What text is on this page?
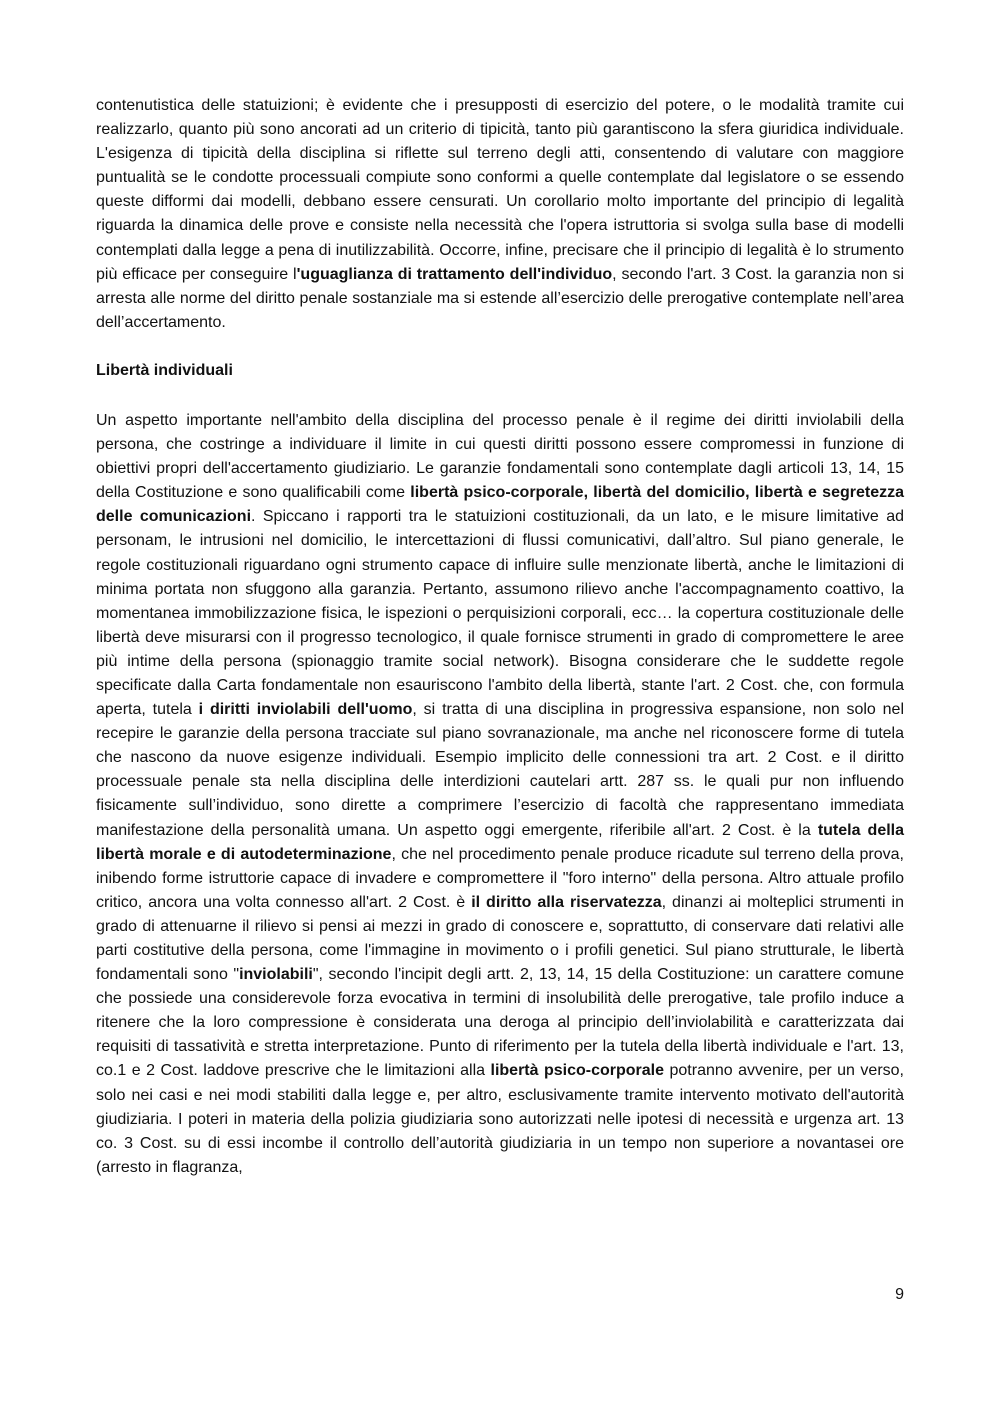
contenutistica delle statuizioni; è evidente che i presupposti di esercizio del potere, o le modalità tramite cui realizzarlo, quanto più sono ancorati ad un criterio di tipicità, tanto più garantiscono la sfera giuridica individuale. L'esigenza di tipicità della disciplina si riflette sul terreno degli atti, consentendo di valutare con maggiore puntualità se le condotte processuali compiute sono conformi a quelle contemplate dal legislatore o se essendo queste difformi dai modelli, debbano essere censurati. Un corollario molto importante del principio di legalità riguarda la dinamica delle prove e consiste nella necessità che l'opera istruttoria si svolga sulla base di modelli contemplati dalla legge a pena di inutilizzabilità. Occorre, infine, precisare che il principio di legalità è lo strumento più efficace per conseguire l'uguaglianza di trattamento dell'individuo, secondo l'art. 3 Cost. la garanzia non si arresta alle norme del diritto penale sostanziale ma si estende all’esercizio delle prerogative contemplate nell’area dell’accertamento.

Libertà individuali

Un aspetto importante nell'ambito della disciplina del processo penale è il regime dei diritti inviolabili della persona, che costringe a individuare il limite in cui questi diritti possono essere compromessi in funzione di obiettivi propri dell'accertamento giudiziario. Le garanzie fondamentali sono contemplate dagli articoli 13, 14, 15 della Costituzione e sono qualificabili come libertà psico-corporale, libertà del domicilio, libertà e segretezza delle comunicazioni. Spiccano i rapporti tra le statuizioni costituzionali, da un lato, e le misure limitative ad personam, le intrusioni nel domicilio, le intercettazioni di flussi comunicativi, dall’altro. Sul piano generale, le regole costituzionali riguardano ogni strumento capace di influire sulle menzionate libertà, anche le limitazioni di minima portata non sfuggono alla garanzia. Pertanto, assumono rilievo anche l'accompagnamento coattivo, la momentanea immobilizzazione fisica, le ispezioni o perquisizioni corporali, ecc… la copertura costituzionale delle libertà deve misurarsi con il progresso tecnologico, il quale fornisce strumenti in grado di compromettere le aree più intime della persona (spionaggio tramite social network). Bisogna considerare che le suddette regole specificate dalla Carta fondamentale non esauriscono l'ambito della libertà, stante l'art. 2 Cost. che, con formula aperta, tutela i diritti inviolabili dell'uomo, si tratta di una disciplina in progressiva espansione, non solo nel recepire le garanzie della persona tracciate sul piano sovranazionale, ma anche nel riconoscere forme di tutela che nascono da nuove esigenze individuali. Esempio implicito delle connessioni tra art. 2 Cost. e il diritto processuale penale sta nella disciplina delle interdizioni cautelari artt. 287 ss. le quali pur non influendo fisicamente sull’individuo, sono dirette a comprimere l’esercizio di facoltà che rappresentano immediata manifestazione della personalità umana. Un aspetto oggi emergente, riferibile all'art. 2 Cost. è la tutela della libertà morale e di autodeterminazione, che nel procedimento penale produce ricadute sul terreno della prova, inibendo forme istruttorie capace di invadere e compromettere il "foro interno" della persona. Altro attuale profilo critico, ancora una volta connesso all'art. 2 Cost. è il diritto alla riservatezza, dinanzi ai molteplici strumenti in grado di attenuarne il rilievo si pensi ai mezzi in grado di conoscere e, soprattutto, di conservare dati relativi alle parti costitutive della persona, come l'immagine in movimento o i profili genetici. Sul piano strutturale, le libertà fondamentali sono "inviolabili", secondo l'incipit degli artt. 2, 13, 14, 15 della Costituzione: un carattere comune che possiede una considerevole forza evocativa in termini di insolubilità delle prerogative, tale profilo induce a ritenere che la loro compressione è considerata una deroga al principio dell’inviolabilità e caratterizzata dai requisiti di tassatività e stretta interpretazione. Punto di riferimento per la tutela della libertà individuale e l'art. 13, co.1 e 2 Cost. laddove prescrive che le limitazioni alla libertà psico-corporale potranno avvenire, per un verso, solo nei casi e nei modi stabiliti dalla legge e, per altro, esclusivamente tramite intervento motivato dell'autorità giudiziaria. I poteri in materia della polizia giudiziaria sono autorizzati nelle ipotesi di necessità e urgenza art. 13 co. 3 Cost. su di essi incombe il controllo dell’autorità giudiziaria in un tempo non superiore a novantasei ore (arresto in flagranza,

9
